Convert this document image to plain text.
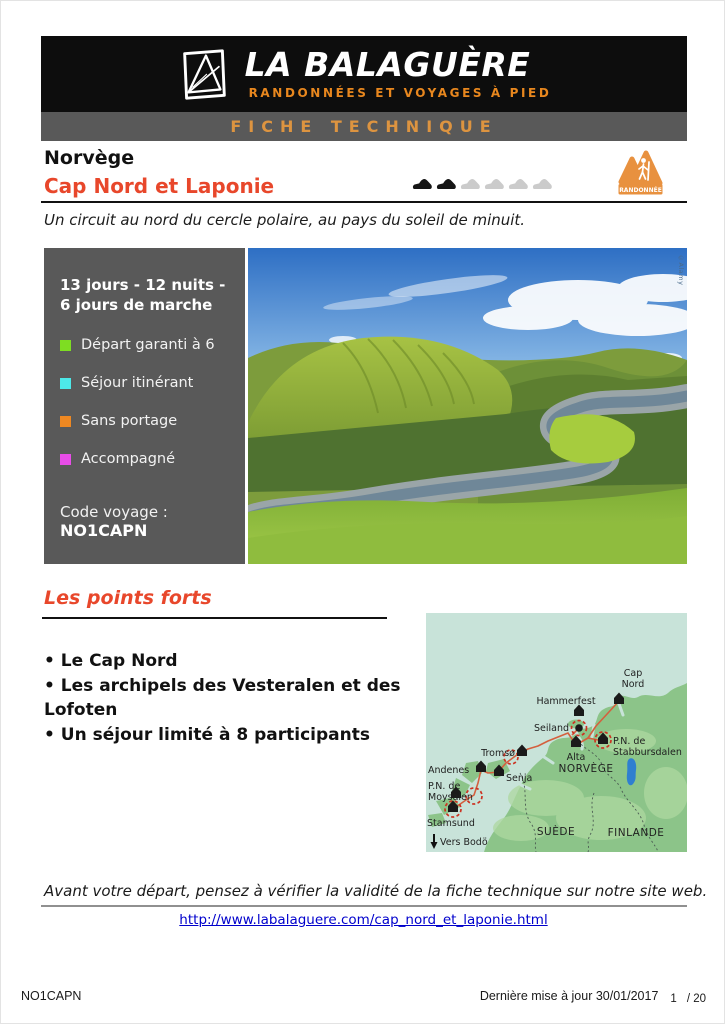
LA BALAGUÈRE
RANDONNÉES ET VOYAGES À PIED
FICHE TECHNIQUE
Norvège
Cap Nord et Laponie	RANDONNÉE

Un circuit au nord du cercle polaire, au pays du soleil de minuit.

13 jours - 12 nuits - 6 jours de marche
Départ garanti à 6
Séjour itinérant
Sans portage
Accompagné
Code voyage :
NO1CAPN
©Alamy
Les points forts
• Le Cap Nord
• Les archipels des Vesteralen et des Lofoten
• Un séjour limité à 8 participants
Cap
Nord
Hammerfest
Seiland
Alta
P.N. de
Stabbursdalen
NORVÈGE
Tromsø
Andenes
Senja
P.N. de
Moysalen
Stamsund
Vers Bodö
SUÈDE	FINLANDE

Avant votre départ, pensez à vérifier la validité de la fiche technique sur notre site web.

http://www.labalaguere.com/cap_nord_et_laponie.html
NO1CAPN	Dernière mise à jour 30/01/2017 1 / 20
